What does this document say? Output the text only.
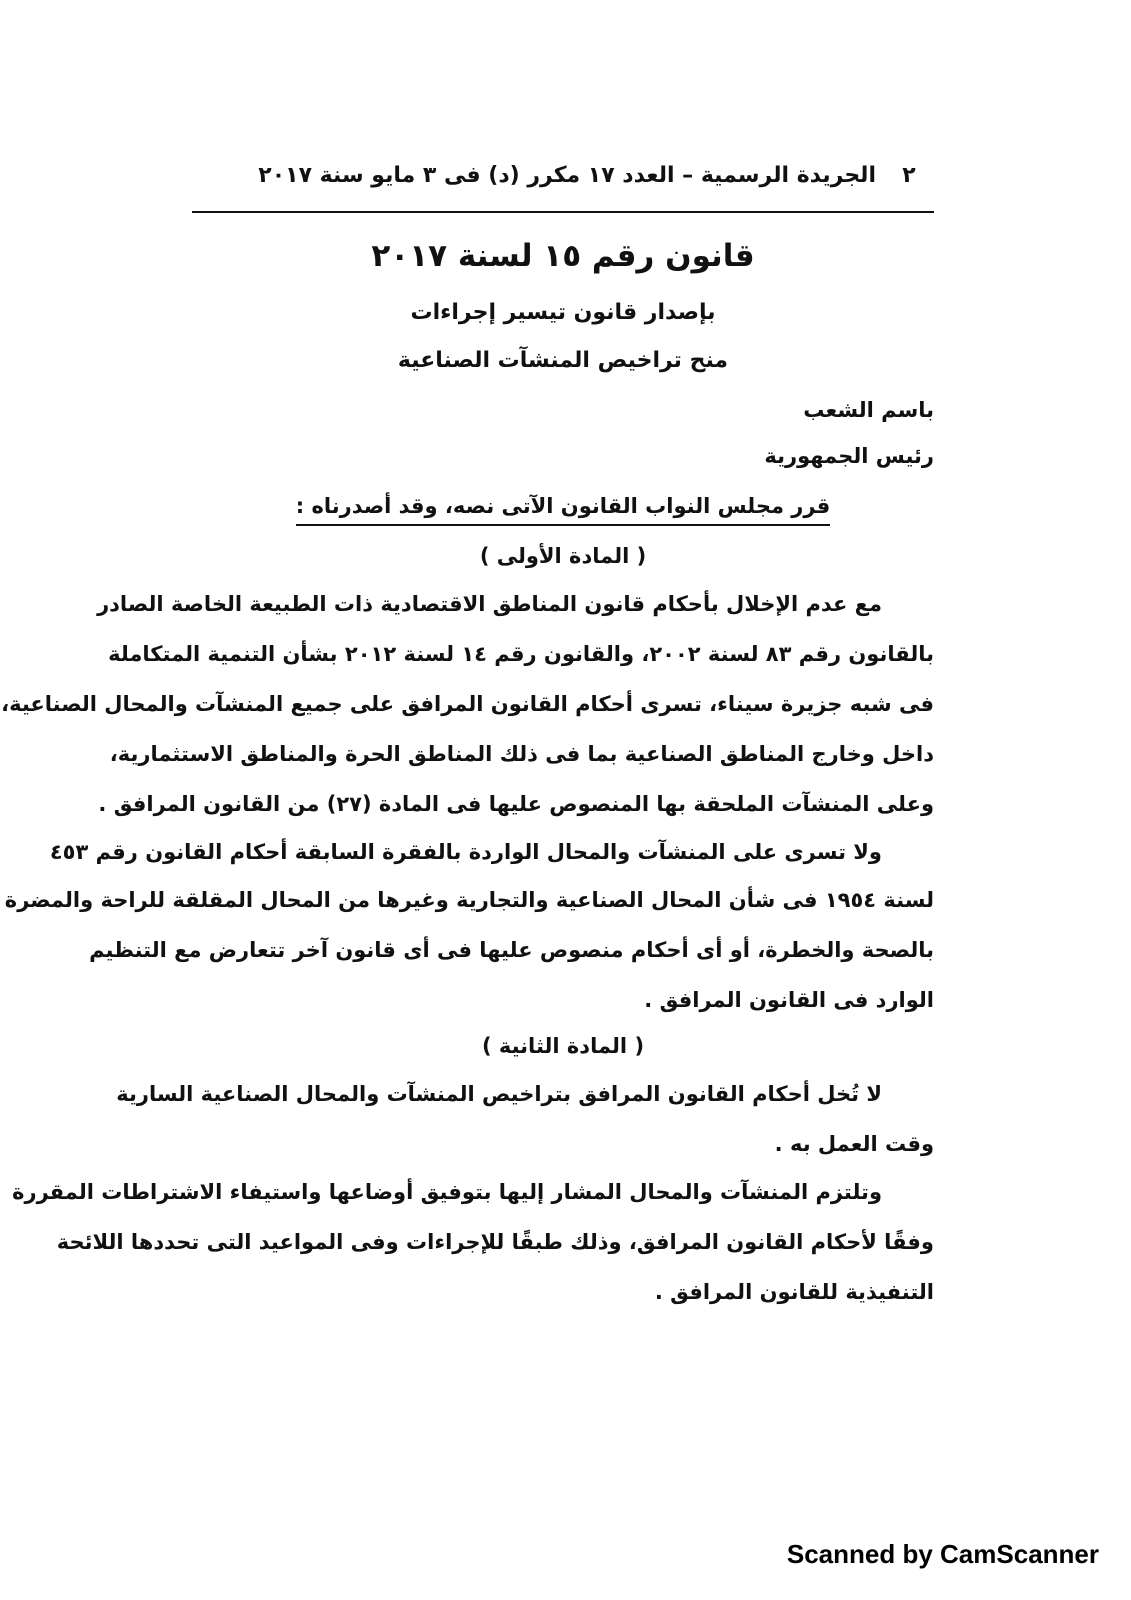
٢
الجريدة الرسمية – العدد ١٧ مكرر (د) فى ٣ مايو سنة ٢٠١٧
قانون رقم ١٥ لسنة ٢٠١٧
بإصدار قانون تيسير إجراءات
منح تراخيص المنشآت الصناعية
باسم الشعب
رئيس الجمهورية
قرر مجلس النواب القانون الآتى نصه، وقد أصدرناه :
( المادة الأولى )
مع عدم الإخلال بأحكام قانون المناطق الاقتصادية ذات الطبيعة الخاصة الصادر
بالقانون رقم ٨٣ لسنة ٢٠٠٢، والقانون رقم ١٤ لسنة ٢٠١٢ بشأن التنمية المتكاملة
فى شبه جزيرة سيناء، تسرى أحكام القانون المرافق على جميع المنشآت والمحال الصناعية،
داخل وخارج المناطق الصناعية بما فى ذلك المناطق الحرة والمناطق الاستثمارية،
وعلى المنشآت الملحقة بها المنصوص عليها فى المادة (٢٧) من القانون المرافق .
ولا تسرى على المنشآت والمحال الواردة بالفقرة السابقة أحكام القانون رقم ٤٥٣
لسنة ١٩٥٤ فى شأن المحال الصناعية والتجارية وغيرها من المحال المقلقة للراحة والمضرة
بالصحة والخطرة، أو أى أحكام منصوص عليها فى أى قانون آخر تتعارض مع التنظيم
الوارد فى القانون المرافق .
( المادة الثانية )
لا تُخل أحكام القانون المرافق بتراخيص المنشآت والمحال الصناعية السارية
وقت العمل به .
وتلتزم المنشآت والمحال المشار إليها بتوفيق أوضاعها واستيفاء الاشتراطات المقررة
وفقًا لأحكام القانون المرافق، وذلك طبقًا للإجراءات وفى المواعيد التى تحددها اللائحة
التنفيذية للقانون المرافق .
Scanned by CamScanner
